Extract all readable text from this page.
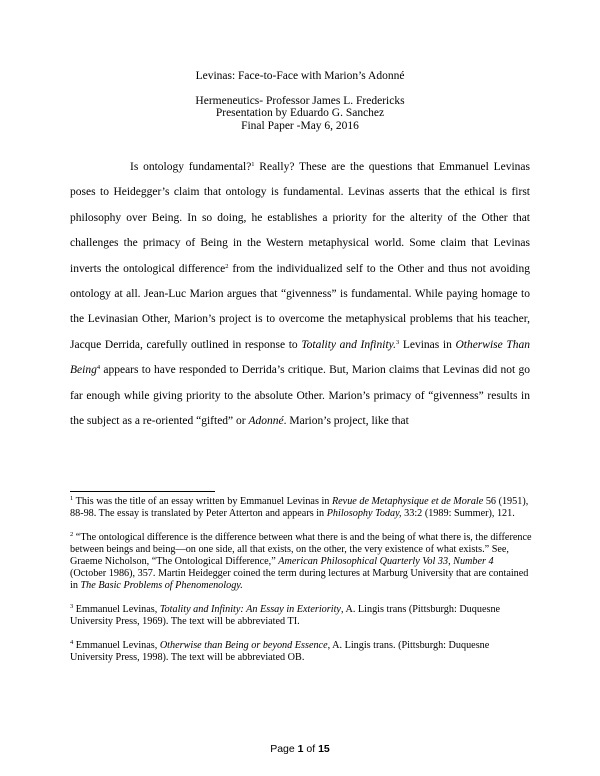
Levinas: Face-to-Face with Marion’s Adonné
Hermeneutics- Professor James L. Fredericks
Presentation by Eduardo G. Sanchez
Final Paper -May 6, 2016
Is ontology fundamental?$^1$ Really? These are the questions that Emmanuel Levinas poses to Heidegger’s claim that ontology is fundamental. Levinas asserts that the ethical is first philosophy over Being. In so doing, he establishes a priority for the alterity of the Other that challenges the primacy of Being in the Western metaphysical world. Some claim that Levinas inverts the ontological difference$^2$ from the individualized self to the Other and thus not avoiding ontology at all. Jean-Luc Marion argues that “givenness” is fundamental. While paying homage to the Levinasian Other, Marion’s project is to overcome the metaphysical problems that his teacher, Jacque Derrida, carefully outlined in response to Totality and Infinity.$^3$ Levinas in Otherwise Than Being$^4$ appears to have responded to Derrida’s critique. But, Marion claims that Levinas did not go far enough while giving priority to the absolute Other. Marion’s primacy of “givenness” results in the subject as a re-oriented “gifted” or Adonné. Marion’s project, like that

$^1$ This was the title of an essay written by Emmanuel Levinas in Revue de Metaphysique et de Morale 56 (1951), 88-98. The essay is translated by Peter Atterton and appears in Philosophy Today, 33:2 (1989: Summer), 121.

$^2$ “The ontological difference is the difference between what there is and the being of what there is, the difference between beings and being—on one side, all that exists, on the other, the very existence of what exists.” See, Graeme Nicholson, “The Ontological Difference,” American Philosophical Quarterly Vol 33, Number 4 (October 1986), 357. Martin Heidegger coined the term during lectures at Marburg University that are contained in The Basic Problems of Phenomenology.

$^3$ Emmanuel Levinas, Totality and Infinity: An Essay in Exteriority, A. Lingis trans (Pittsburgh: Duquesne University Press, 1969). The text will be abbreviated TI.

$^4$ Emmanuel Levinas, Otherwise than Being or beyond Essence, A. Lingis trans. (Pittsburgh: Duquesne University Press, 1998). The text will be abbreviated OB.

Page 1 of 15
